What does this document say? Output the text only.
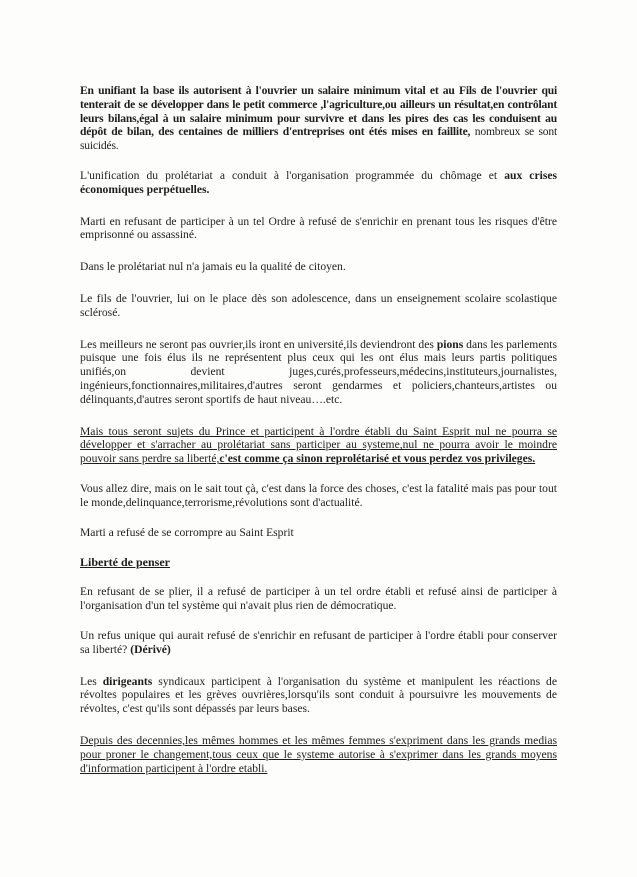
En unifiant la base ils autorisent à l'ouvrier un salaire minimum vital et au Fils de l'ouvrier qui tenterait de se développer dans le petit commerce ,l'agriculture,ou ailleurs un résultat,en contrôlant leurs bilans,égal à un salaire minimum pour survivre et dans les pires des cas les conduisent au dépôt de bilan, des centaines de milliers d'entreprises ont étés mises en faillite, nombreux se sont suicidés.

L'unification du prolétariat a conduit à l'organisation programmée du chômage et aux crises économiques perpétuelles.

Marti en refusant de participer à un tel Ordre à refusé de s'enrichir en prenant tous les risques d'être emprisonné ou assassiné.

Dans le prolétariat nul n'a jamais eu la qualité de citoyen.

Le fils de l'ouvrier, lui on le place dès son adolescence, dans un enseignement scolaire scolastique sclérosé.

Les meilleurs ne seront pas ouvrier,ils iront en université,ils deviendront des pions dans les parlements puisque une fois élus ils ne représentent plus ceux qui les ont élus mais leurs partis politiques unifiés,on devient juges,curés,professeurs,médecins,instituteurs,journalistes, ingénieurs,fonctionnaires,militaires,d'autres seront gendarmes et policiers,chanteurs,artistes ou délinquants,d'autres seront sportifs de haut niveau….etc.

Mais tous seront sujets du Prince et participent à l'ordre établi du Saint Esprit nul ne pourra se développer et s'arracher au prolétariat sans participer au systeme,nul ne pourra avoir le moindre pouvoir sans perdre sa liberté,c'est comme ça sinon reprolétarisé et vous perdez vos privileges.

Vous allez dire, mais on le sait tout çà, c'est dans la force des choses, c'est la fatalité mais pas pour tout le monde,delinquance,terrorisme,révolutions sont d'actualité.

Marti a refusé de se corrompre au Saint Esprit

Liberté de penser

En refusant de se plier, il a refusé de participer à un tel ordre établi et refusé ainsi de participer à l'organisation d'un tel système qui n'avait plus rien de démocratique.

Un refus unique qui aurait refusé de s'enrichir en refusant de participer à l'ordre établi pour conserver sa liberté? (Dérivé)

Les dirigeants syndicaux participent à l'organisation du système et manipulent les réactions de révoltes populaires et les grèves ouvrières,lorsqu'ils sont conduit à poursuivre les mouvements de révoltes, c'est qu'ils sont dépassés par leurs bases.

Depuis des decennies,les mêmes hommes et les mêmes femmes s'expriment dans les grands medias pour proner le changement,tous ceux que le systeme autorise à s'exprimer dans les grands moyens d'information participent à l'ordre etabli.
